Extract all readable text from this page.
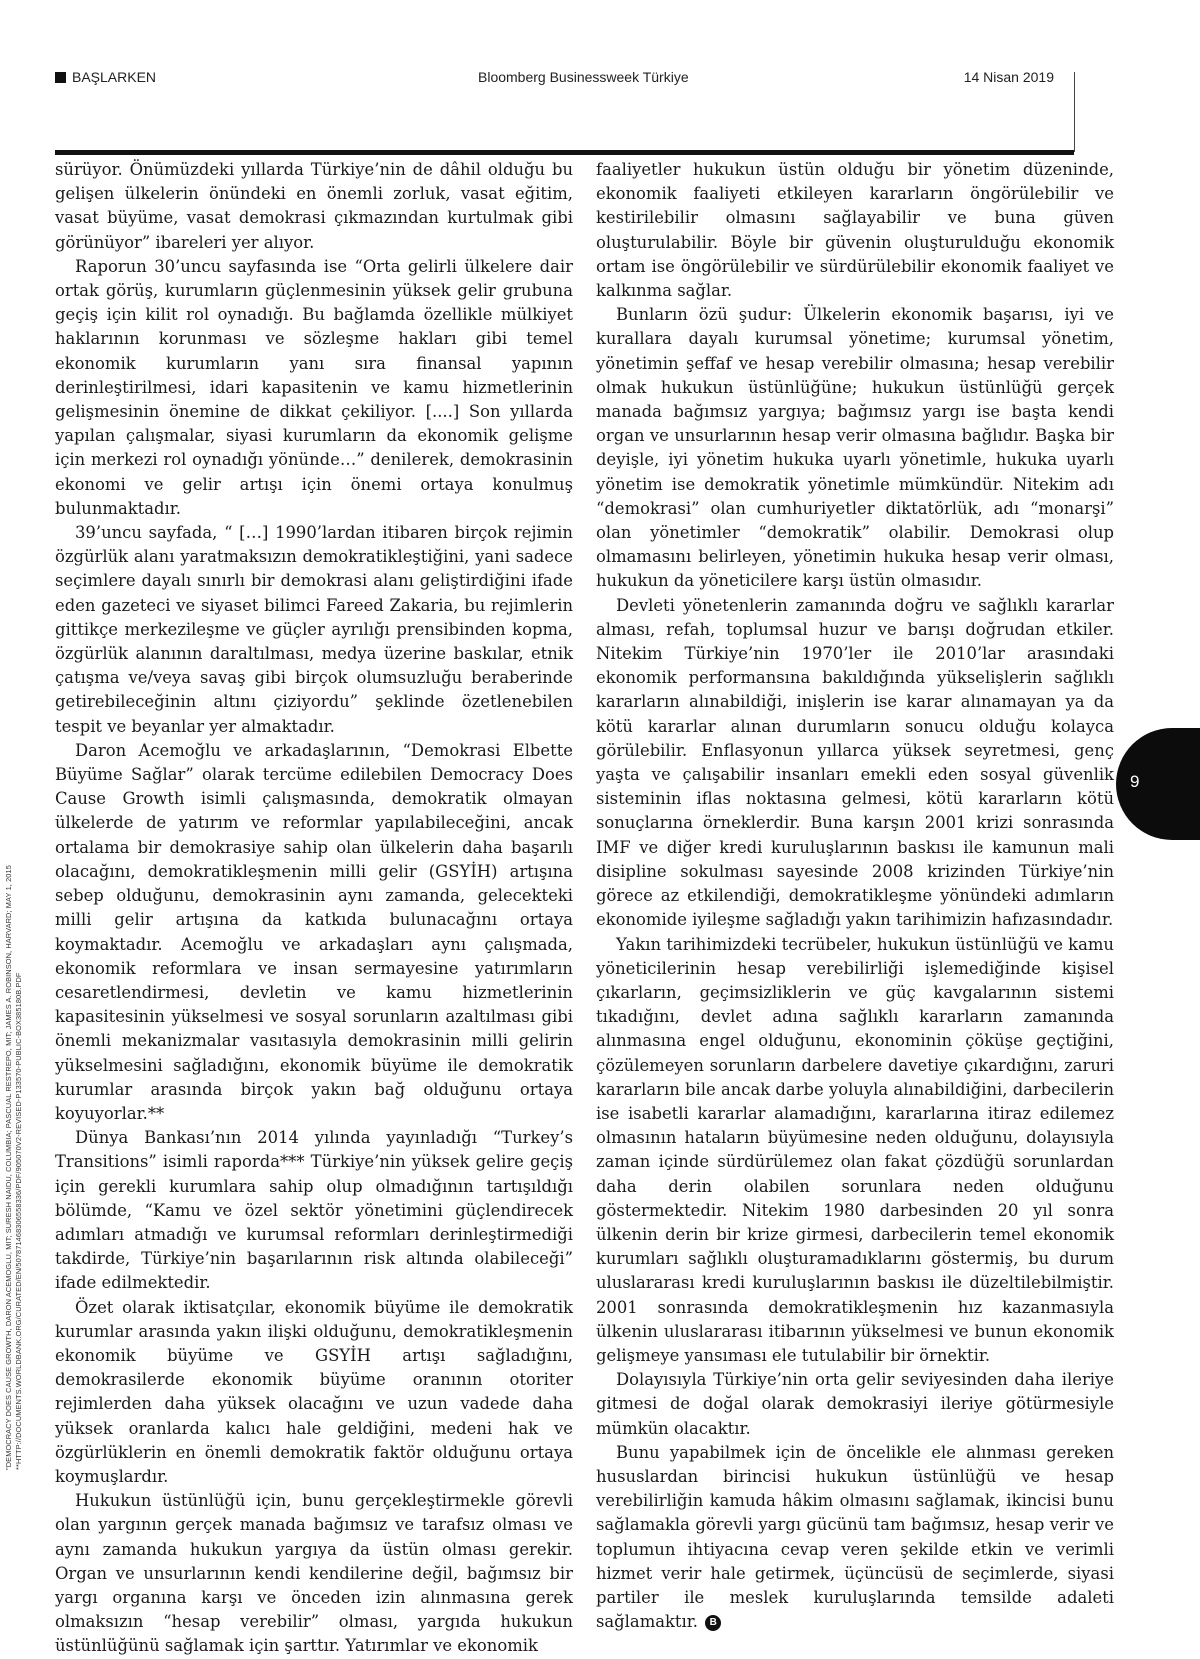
BAŞLARKEN	Bloomberg Businessweek Türkiye	14 Nisan 2019

sürüyor. Önümüzdeki yıllarda Türkiye’nin de dâhil olduğu bu gelişen ülkelerin önündeki en önemli zorluk, vasat eğitim, vasat büyüme, vasat demokrasi çıkmazından kurtulmak gibi görünüyor” ibareleri yer alıyor.

Raporun 30’uncu sayfasında ise “Orta gelirli ülkelere dair ortak görüş, kurumların güçlenmesinin yüksek gelir grubuna geçiş için kilit rol oynadığı. Bu bağlamda özellikle mülkiyet haklarının korunması ve sözleşme hakları gibi temel ekonomik kurumların yanı sıra finansal yapının derinleştirilmesi, idari kapasitenin ve kamu hizmetlerinin gelişmesinin önemine de dikkat çekiliyor. [....] Son yıllarda yapılan çalışmalar, siyasi kurumların da ekonomik gelişme için merkezi rol oynadığı yönünde…” denilerek, demokrasinin ekonomi ve gelir artışı için önemi ortaya konulmuş bulunmaktadır.

39’uncu sayfada, “ […] 1990’lardan itibaren birçok rejimin özgürlük alanı yaratmaksızın demokratikleştiğini, yani sadece seçimlere dayalı sınırlı bir demokrasi alanı geliştirdiğini ifade eden gazeteci ve siyaset bilimci Fareed Zakaria, bu rejimlerin gittikçe merkezileşme ve güçler ayrılığı prensibinden kopma, özgürlük alanının daraltılması, medya üzerine baskılar, etnik çatışma ve/veya savaş gibi birçok olumsuzluğu beraberinde getirebileceğinin altını çiziyordu” şeklinde özetlenebilen tespit ve beyanlar yer almaktadır.

Daron Acemoğlu ve arkadaşlarının, “Demokrasi Elbette Büyüme Sağlar” olarak tercüme edilebilen Democracy Does Cause Growth isimli çalışmasında, demokratik olmayan ülkelerde de yatırım ve reformlar yapılabileceğini, ancak ortalama bir demokrasiye sahip olan ülkelerin daha başarılı olacağını, demokratikleşmenin milli gelir (GSYİH) artışına sebep olduğunu, demokrasinin aynı zamanda, gelecekteki milli gelir artışına da katkıda bulunacağını ortaya koymaktadır. Acemoğlu ve arkadaşları aynı çalışmada, ekonomik reformlara ve insan sermayesine yatırımların cesaretlendirmesi, devletin ve kamu hizmetlerinin kapasitesinin yükselmesi ve sosyal sorunların azaltılması gibi önemli mekanizmalar vasıtasıyla demokrasinin milli gelirin yükselmesini sağladığını, ekonomik büyüme ile demokratik kurumlar arasında birçok yakın bağ olduğunu ortaya koyuyorlar.**

Dünya Bankası’nın 2014 yılında yayınladığı “Turkey’s Transitions” isimli raporda*** Türkiye’nin yüksek gelire geçiş için gerekli kurumlara sahip olup olmadığının tartışıldığı bölümde, “Kamu ve özel sektör yönetimini güçlendirecek adımları atmadığı ve kurumsal reformları derinleştirmediği takdirde, Türkiye’nin başarılarının risk altında olabileceği” ifade edilmektedir.

Özet olarak iktisatçılar, ekonomik büyüme ile demokratik kurumlar arasında yakın ilişki olduğunu, demokratikleşmenin ekonomik büyüme ve GSYİH artışı sağladığını, demokrasilerde ekonomik büyüme oranının otoriter rejimlerden daha yüksek olacağını ve uzun vadede daha yüksek oranlarda kalıcı hale geldiğini, medeni hak ve özgürlüklerin en önemli demokratik faktör olduğunu ortaya koymuşlardır.

Hukukun üstünlüğü için, bunu gerçekleştirmekle görevli olan yargının gerçek manada bağımsız ve tarafsız olması ve aynı zamanda hukukun yargıya da üstün olması gerekir. Organ ve unsurlarının kendi kendilerine değil, bağımsız bir yargı organına karşı ve önceden izin alınmasına gerek olmaksızın “hesap verebilir” olması, yargıda hukukun üstünlüğünü sağlamak için şarttır. Yatırımlar ve ekonomik

faaliyetler hukukun üstün olduğu bir yönetim düzeninde, ekonomik faaliyeti etkileyen kararların öngörülebilir ve kestirilebilir olmasını sağlayabilir ve buna güven oluşturulabilir. Böyle bir güvenin oluşturulduğu ekonomik ortam ise öngörülebilir ve sürdürülebilir ekonomik faaliyet ve kalkınma sağlar.

Bunların özü şudur: Ülkelerin ekonomik başarısı, iyi ve kurallara dayalı kurumsal yönetime; kurumsal yönetim, yönetimin şeffaf ve hesap verebilir olmasına; hesap verebilir olmak hukukun üstünlüğüne; hukukun üstünlüğü gerçek manada bağımsız yargıya; bağımsız yargı ise başta kendi organ ve unsurlarının hesap verir olmasına bağlıdır. Başka bir deyişle, iyi yönetim hukuka uyarlı yönetimle, hukuka uyarlı yönetim ise demokratik yönetimle mümkündür. Nitekim adı “demokrasi” olan cumhuriyetler diktatörlük, adı “monarşi” olan yönetimler “demokratik” olabilir. Demokrasi olup olmamasını belirleyen, yönetimin hukuka hesap verir olması, hukukun da yöneticilere karşı üstün olmasıdır.

Devleti yönetenlerin zamanında doğru ve sağlıklı kararlar alması, refah, toplumsal huzur ve barışı doğrudan etkiler. Nitekim Türkiye’nin 1970’ler ile 2010’lar arasındaki ekonomik performansına bakıldığında yükselişlerin sağlıklı kararların alınabildiği, inişlerin ise karar alınamayan ya da kötü kararlar alınan durumların sonucu olduğu kolayca görülebilir. Enflasyonun yıllarca yüksek seyretmesi, genç yaşta ve çalışabilir insanları emekli eden sosyal güvenlik sisteminin iflas noktasına gelmesi, kötü kararların kötü sonuçlarına örneklerdir. Buna karşın 2001 krizi sonrasında IMF ve diğer kredi kuruluşlarının baskısı ile kamunun mali disipline sokulması sayesinde 2008 krizinden Türkiye’nin görece az etkilendiği, demokratikleşme yönündeki adımların ekonomide iyileşme sağladığı yakın tarihimizin hafızasındadır.

Yakın tarihimizdeki tecrübeler, hukukun üstünlüğü ve kamu yöneticilerinin hesap verebilirliği işlemediğinde kişisel çıkarların, geçimsizliklerin ve güç kavgalarının sistemi tıkadığını, devlet adına sağlıklı kararların zamanında alınmasına engel olduğunu, ekonominin çöküşe geçtiğini, çözülemeyen sorunların darbelere davetiye çıkardığını, zaruri kararların bile ancak darbe yoluyla alınabildiğini, darbecilerin ise isabetli kararlar alamadığını, kararlarına itiraz edilemez olmasının hataların büyümesine neden olduğunu, dolayısıyla zaman içinde sürdürülemez olan fakat çözdüğü sorunlardan daha derin olabilen sorunlara neden olduğunu göstermektedir. Nitekim 1980 darbesinden 20 yıl sonra ülkenin derin bir krize girmesi, darbecilerin temel ekonomik kurumları sağlıklı oluşturamadıklarını göstermiş, bu durum uluslararası kredi kuruluşlarının baskısı ile düzeltilebilmiştir. 2001 sonrasında demokratikleşmenin hız kazanmasıyla ülkenin uluslararası itibarının yükselmesi ve bunun ekonomik gelişmeye yansıması ele tutulabilir bir örnektir.

Dolayısıyla Türkiye’nin orta gelir seviyesinden daha ileriye gitmesi de doğal olarak demokrasiyi ileriye götürmesiyle mümkün olacaktır.

Bunu yapabilmek için de öncelikle ele alınması gereken hususlardan birincisi hukukun üstünlüğü ve hesap verebilirliğin kamuda hâkim olmasını sağlamak, ikincisi bunu sağlamakla görevli yargı gücünü tam bağımsız, hesap verir ve toplumun ihtiyacına cevap veren şekilde etkin ve verimli hizmet verir hale getirmek, üçüncüsü de seçimlerde, siyasi partiler ile meslek kuruluşlarında temsilde adaleti sağlamaktır. B

9
"DEMOCRACY DOES CAUSE GROWTH, DARON ACEMOGLU, MIT; SURESH NAIDU, COLUMBIA; PASCUAL RESTREPO, MIT; JAMES A. ROBINSON, HARVARD; MAY 1, 2015 **HTTP://DOCUMENTS.WORLDBANK.ORG/CURATED/EN/507871468306558336/PDF/905070V2-REVISED-P133570-PUBLIC-BOX385180B.PDF
